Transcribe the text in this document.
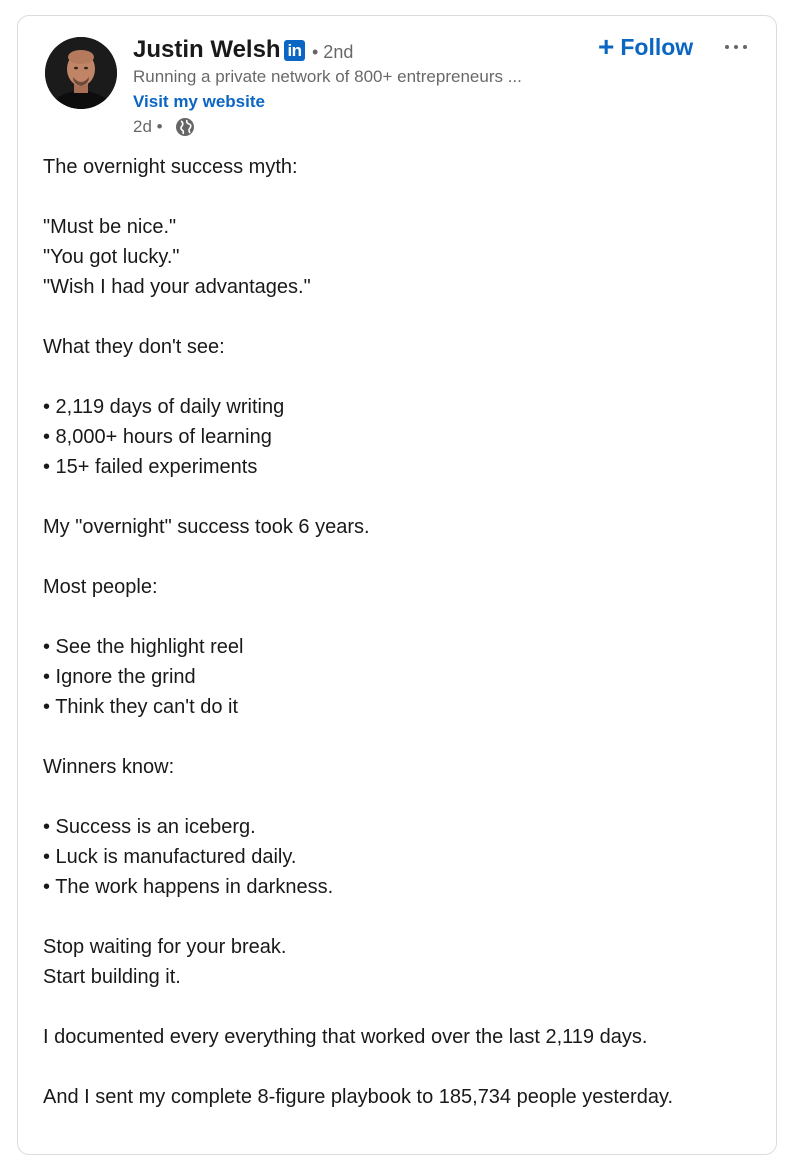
Justin Welsh in • 2nd
Running a private network of 800+ entrepreneurs ...
Visit my website
2d •
+ Follow
The overnight success myth:
"Must be nice."
"You got lucky."
"Wish I had your advantages."
What they don't see:
• 2,119 days of daily writing
• 8,000+ hours of learning
• 15+ failed experiments
My "overnight" success took 6 years.
Most people:
• See the highlight reel
• Ignore the grind
• Think they can't do it
Winners know:
• Success is an iceberg.
• Luck is manufactured daily.
• The work happens in darkness.
Stop waiting for your break.
Start building it.
I documented every everything that worked over the last 2,119 days.
And I sent my complete 8-figure playbook to 185,734 people yesterday.
